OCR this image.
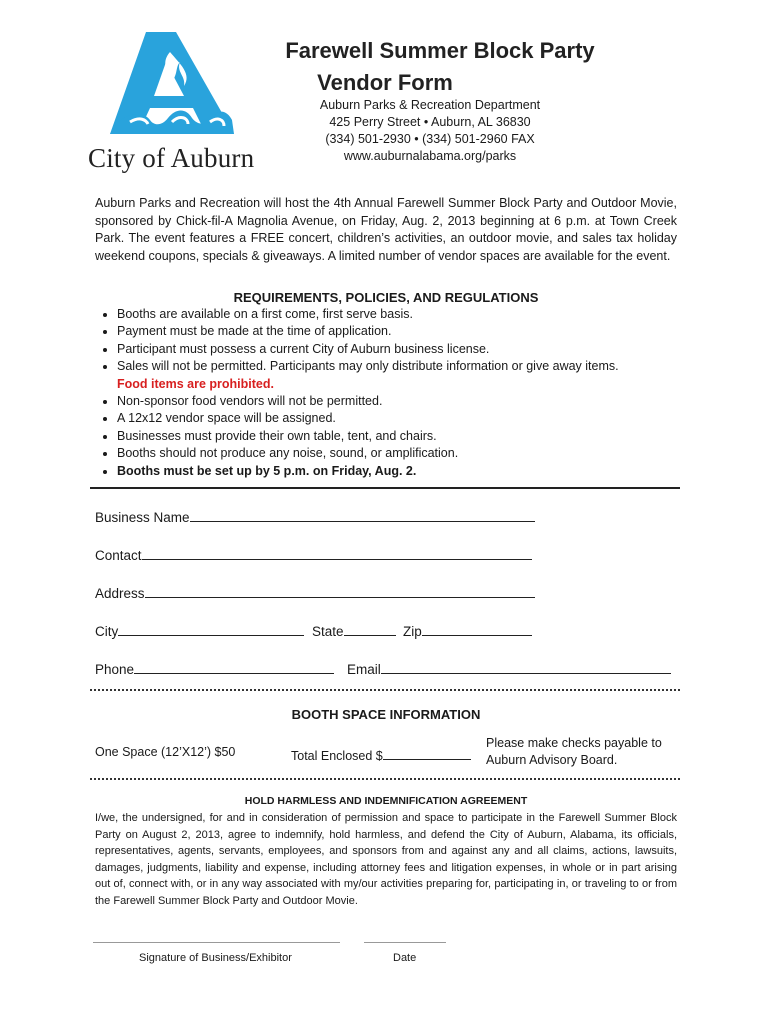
City of Auburn
Farewell Summer Block Party
Vendor Form
Auburn Parks & Recreation Department
425 Perry Street • Auburn, AL 36830
(334) 501-2930 • (334) 501-2960 FAX
www.auburnalabama.org/parks
Auburn Parks and Recreation will host the 4th Annual Farewell Summer Block Party and Outdoor Movie, sponsored by Chick-fil-A Magnolia Avenue, on Friday, Aug. 2, 2013 beginning at 6 p.m. at Town Creek Park. The event features a FREE concert, children’s activities, an outdoor movie, and sales tax holiday weekend coupons, specials & giveaways. A limited number of vendor spaces are available for the event.
REQUIREMENTS, POLICIES, AND REGULATIONS
• Booths are available on a first come, first serve basis.
• Payment must be made at the time of application.
• Participant must possess a current City of Auburn business license.
• Sales will not be permitted. Participants may only distribute information or give away items.
Food items are prohibited.
• Non-sponsor food vendors will not be permitted.
• A 12x12 vendor space will be assigned.
• Businesses must provide their own table, tent, and chairs.
• Booths should not produce any noise, sound, or amplification.
• Booths must be set up by 5 p.m. on Friday, Aug. 2.
Business Name
Contact
Address
City	State	Zip
Phone	Email
BOOTH SPACE INFORMATION
One Space (12’X12’) $50	Total Enclosed $
Please make checks payable to
Auburn Advisory Board.
HOLD HARMLESS AND INDEMNIFICATION AGREEMENT
I/we, the undersigned, for and in consideration of permission and space to participate in the Farewell Summer Block Party on August 2, 2013, agree to indemnify, hold harmless, and defend the City of Auburn, Alabama, its officials, representatives, agents, servants, employees, and sponsors from and against any and all claims, actions, lawsuits, damages, judgments, liability and expense, including attorney fees and litigation expenses, in whole or in part arising out of, connect with, or in any way associated with my/our activities preparing for, participating in, or traveling to or from the Farewell Summer Block Party and Outdoor Movie.
Signature of Business/Exhibitor	Date
